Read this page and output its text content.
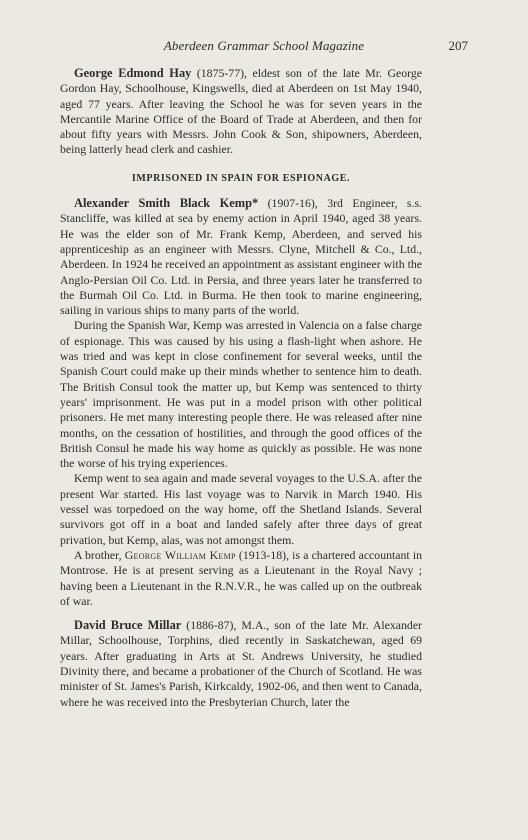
Aberdeen Grammar School Magazine	207

George Edmond Hay (1875-77), eldest son of the late Mr. George Gordon Hay, Schoolhouse, Kingswells, died at Aberdeen on 1st May 1940, aged 77 years. After leaving the School he was for seven years in the Mercantile Marine Office of the Board of Trade at Aberdeen, and then for about fifty years with Messrs. John Cook & Son, shipowners, Aberdeen, being latterly head clerk and cashier.

IMPRISONED IN SPAIN FOR ESPIONAGE.

Alexander Smith Black Kemp* (1907-16), 3rd Engineer, s.s. Stancliffe, was killed at sea by enemy action in April 1940, aged 38 years. He was the elder son of Mr. Frank Kemp, Aberdeen, and served his apprenticeship as an engineer with Messrs. Clyne, Mitchell & Co., Ltd., Aberdeen. In 1924 he received an appointment as assistant engineer with the Anglo-Persian Oil Co. Ltd. in Persia, and three years later he transferred to the Burmah Oil Co. Ltd. in Burma. He then took to marine engineering, sailing in various ships to many parts of the world.

During the Spanish War, Kemp was arrested in Valencia on a false charge of espionage. This was caused by his using a flash-light when ashore. He was tried and was kept in close confinement for several weeks, until the Spanish Court could make up their minds whether to sentence him to death. The British Consul took the matter up, but Kemp was sentenced to thirty years' imprisonment. He was put in a model prison with other political prisoners. He met many interesting people there. He was released after nine months, on the cessation of hostilities, and through the good offices of the British Consul he made his way home as quickly as possible. He was none the worse of his trying experiences.

Kemp went to sea again and made several voyages to the U.S.A. after the present War started. His last voyage was to Narvik in March 1940. His vessel was torpedoed on the way home, off the Shetland Islands. Several survivors got off in a boat and landed safely after three days of great privation, but Kemp, alas, was not amongst them.

A brother, George William Kemp (1913-18), is a chartered accountant in Montrose. He is at present serving as a Lieutenant in the Royal Navy ; having been a Lieutenant in the R.N.V.R., he was called up on the outbreak of war.

David Bruce Millar (1886-87), M.A., son of the late Mr. Alexander Millar, Schoolhouse, Torphins, died recently in Saskatchewan, aged 69 years. After graduating in Arts at St. Andrews University, he studied Divinity there, and became a probationer of the Church of Scotland. He was minister of St. James's Parish, Kirkcaldy, 1902-06, and then went to Canada, where he was received into the Presbyterian Church, later the
